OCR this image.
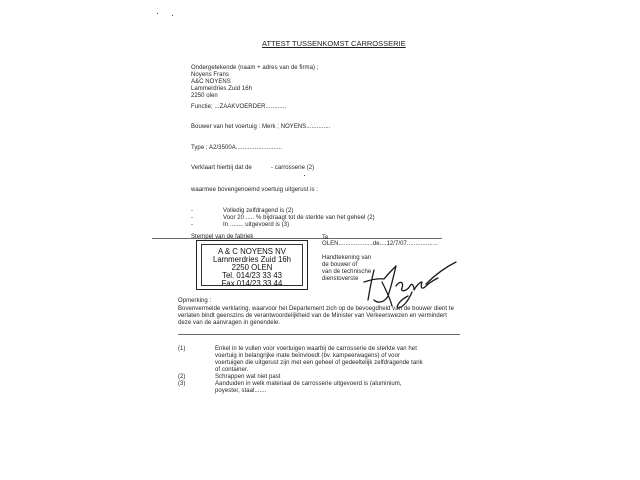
ATTEST TUSSENKOMST CARROSSERIE
Ondergetekende (naam + adres van de firma) ;
Noyens Frans
A&C NOYENS
Lammerdries Zuid 16h
2250 olen
Functie; ...ZAAKVOERDER............
Bouwer van het voertuig : Merk ; NOYENS..............
Type ; A2/3500A...........................
Verklaart hierbij dat de	- carrosserie (2)
waarmee bovengenoemd voertuig uitgerust is :
-	Volledig zelfdragend is (2)
-	Voor 20 ..... % bijdraagt tot de sterkte van het geheel (2)
-	In ........ uitgevoerd is (3)
Stempel van de fabriek
A & C NOYENS NV
Lammerdries Zuid 16h
2250 OLEN
Tel. 014/23 33 43
Fax 014/23 33 44
Te
OLEN....................de....12/7/07..................
Handtekening van
de bouwer of
van de technische
dienstoverste
Opmerking :
Bovenvermelde verklaring, waarvoor het Departement zich op de bevoegdheid van de bouwer dient te
verlaten bindt geenszins de verantwoordelijkheid van de Minister van Verkeerswezen en vermindert
deze van de aanvragen in genendele.
(1)	Enkel in te vullen voor voertuigen waarbij de carrosserie de sterkte van het
voertuig in belangrijke mate beïnvloedt (bv. kampeerwagens) of voor
voertuigen die uitgerust zijn met een geheel of gedeeltelijk zelfdragende tank
of container.
(2)	Schrappen wat niet past
(3)	Aanduiden in welk materiaal de carrosserie uitgevoerd is (aluminium,
poyester, staal.......
